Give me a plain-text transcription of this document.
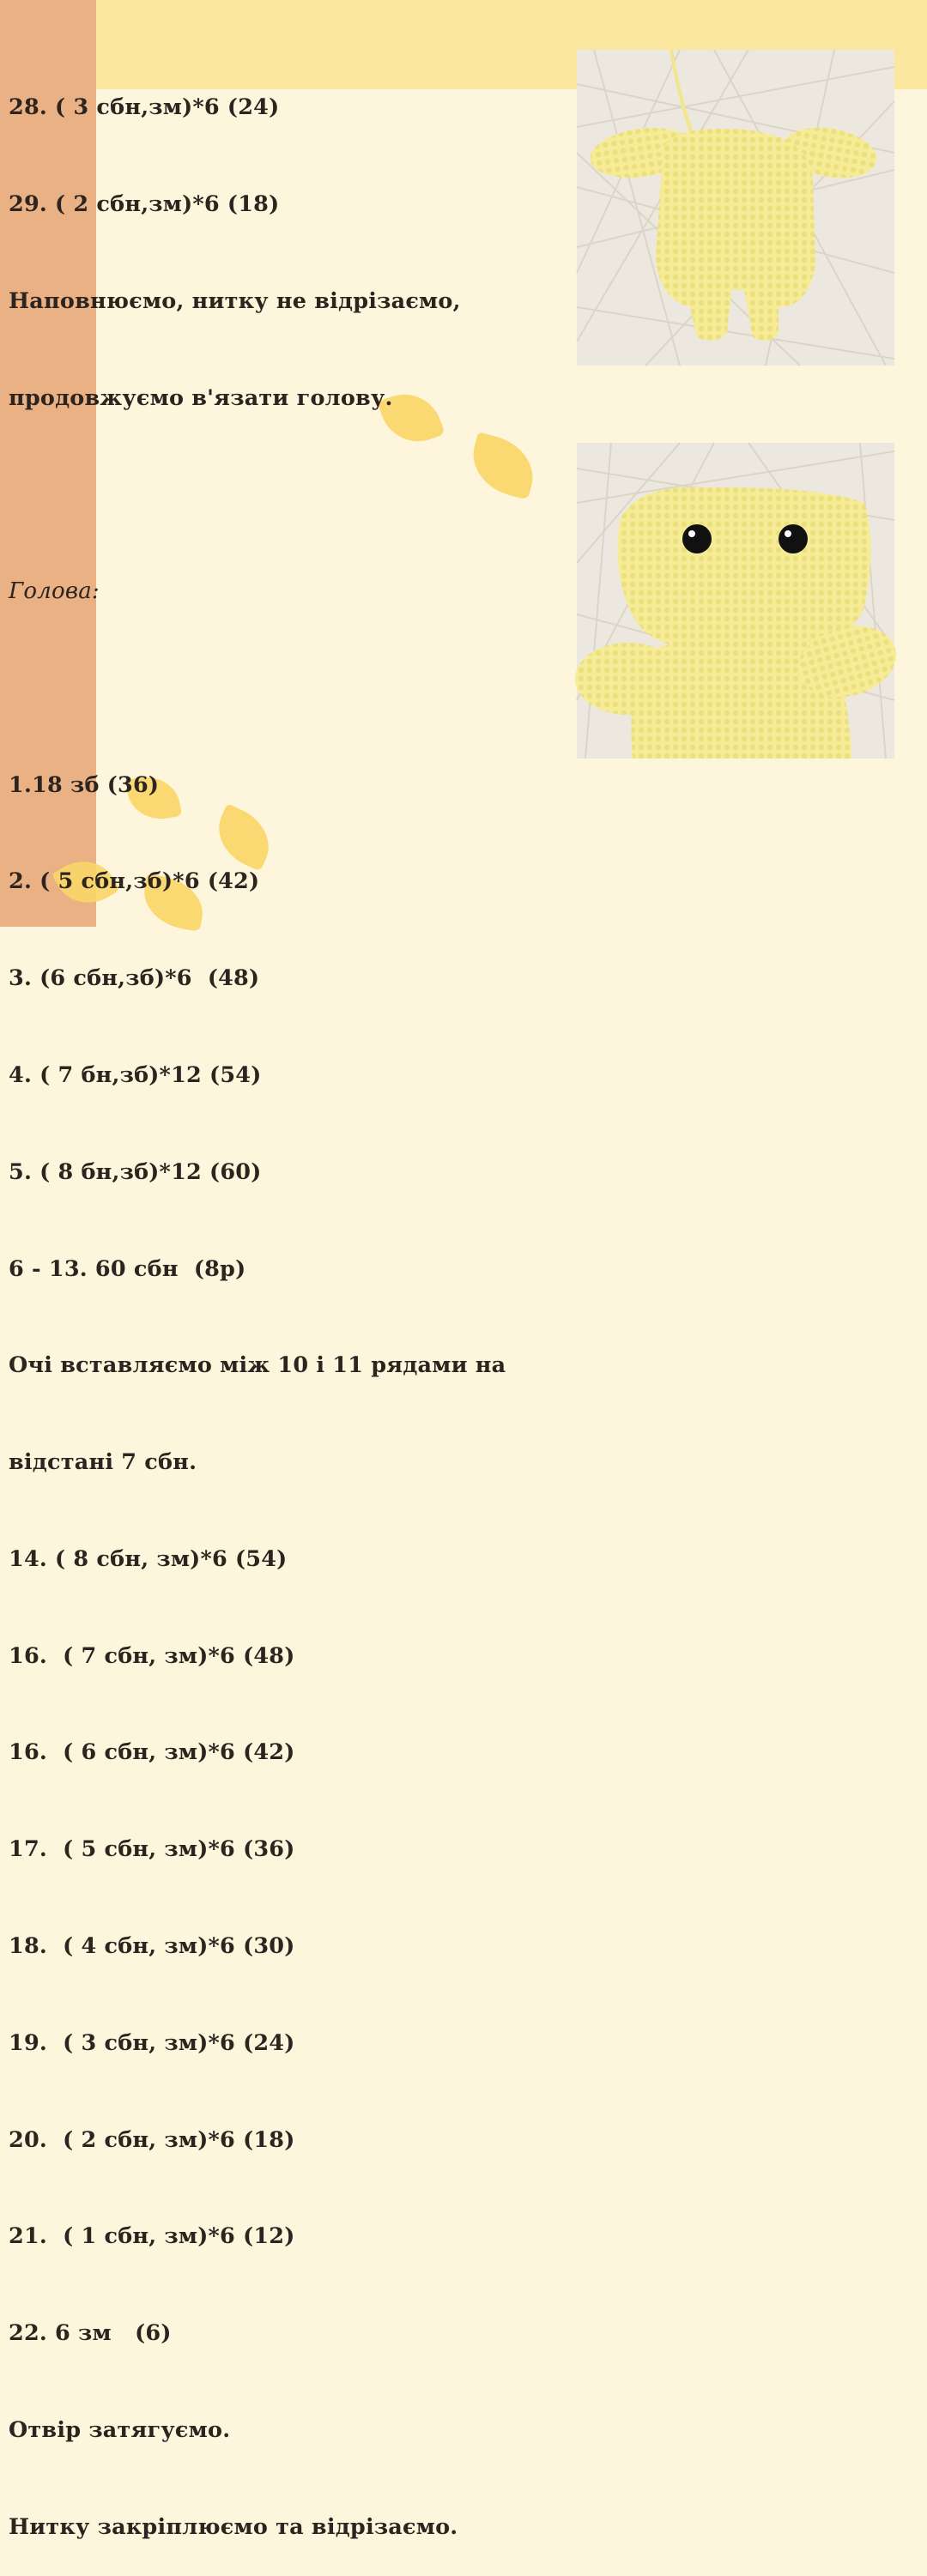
28. ( 3 сбн,зм)*6 (24)

29. ( 2 сбн,зм)*6 (18)

Наповнюємо, нитку не відрізаємо,

продовжуємо в'язати голову.

Голова:

1.18 зб (36)

2. ( 5 сбн,зб)*6 (42)

3. (6 сбн,зб)*6  (48)

4. ( 7 бн,зб)*12 (54)

5. ( 8 бн,зб)*12 (60)

6 - 13. 60 сбн  (8р)

Очі вставляємо між 10 і 11 рядами на

відстані 7 сбн.

14. ( 8 сбн, зм)*6 (54)

16.  ( 7 сбн, зм)*6 (48)

16.  ( 6 сбн, зм)*6 (42)

17.  ( 5 сбн, зм)*6 (36)

18.  ( 4 сбн, зм)*6 (30)

19.  ( 3 сбн, зм)*6 (24)

20.  ( 2 сбн, зм)*6 (18)

21.  ( 1 сбн, зм)*6 (12)

22. 6 зм   (6)

Отвір затягуємо.

Нитку закріплюємо та відрізаємо.
